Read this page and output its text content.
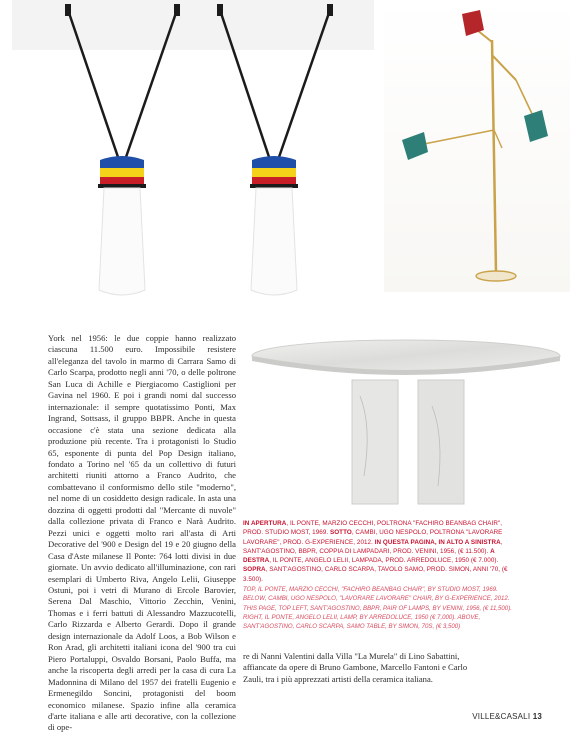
York nel 1956: le due coppie hanno realizzato ciascuna 11.500 euro. Impossibile resistere all'eleganza del tavolo in marmo di Carrara Samo di Carlo Scarpa, prodotto negli anni '70, o delle poltrone San Luca di Achille e Piergiacomo Castiglioni per Gavina nel 1960. E poi i grandi nomi dal successo internazionale: il sempre quotatissimo Ponti, Max Ingrand, Sottsass, il gruppo BBPR. Anche in questa occasione c'è stata una sezione dedicata alla produzione più recente. Tra i protagonisti lo Studio 65, esponente di punta del Pop Design italiano, fondato a Torino nel '65 da un collettivo di futuri architetti riuniti attorno a Franco Audrito, che combattevano il conformismo dello stile "moderno", nel nome di un cosiddetto design radicale. In asta una dozzina di oggetti prodotti dal "Mercante di nuvole" dalla collezione privata di Franco e Narà Audrito. Pezzi unici e oggetti molto rari all'asta di Arti Decorative del '900 e Design del 19 e 20 giugno della Casa d'Aste milanese Il Ponte: 764 lotti divisi in due giornate. Un avvio dedicato all'illuminazione, con rari esemplari di Umberto Riva, Angelo Lelii, Giuseppe Ostuni, poi i vetri di Murano di Ercole Barovier, Serena Dal Maschio, Vittorio Zecchin, Venini, Thomas e i ferri battuti di Alessandro Mazzucotelli, Carlo Rizzarda e Alberto Gerardi. Dopo il grande design internazionale da Adolf Loos, a Bob Wilson e Ron Arad, gli architetti italiani icona del '900 tra cui Piero Portaluppi, Osvaldo Borsani, Paolo Buffa, ma anche la riscoperta degli arredi per la casa di cura La Madonnina di Milano del 1957 dei fratelli Eugenio e Ermenegildo Soncini, protagonisti del boom economico milanese. Spazio infine alla ceramica d'arte italiana e alle arti decorative, con la collezione di ope-

IN APERTURA, IL PONTE, MARZIO CECCHI, POLTRONA "FACHIRO BEANBAG CHAIR", PROD. STUDIO MOST, 1969. SOTTO, CAMBI, UGO NESPOLO, POLTRONA "LAVORARE LAVORARE", PROD. G-EXPERIENCE, 2012. IN QUESTA PAGINA, IN ALTO A SINISTRA, SANT'AGOSTINO, BBPR, COPPIA DI LAMPADARI, PROD. VENINI, 1956, (€ 11.500). A DESTRA, IL PONTE, ANGELO LELII, LAMPADA, PROD. ARREDOLUCE, 1950 (€ 7.000). SOPRA, SANT'AGOSTINO, CARLO SCARPA, TAVOLO SAMO, PROD. SIMON, ANNI '70, (€ 3.500).

TOP, IL PONTE, MARZIO CECCHI, "FACHIRO BEANBAG CHAIR", BY STUDIO MOST, 1969. BELOW, CAMBI, UGO NESPOLO, "LAVORARE LAVORARE" CHAIR, BY G-EXPERIENCE, 2012. THIS PAGE, TOP LEFT, SANT'AGOSTINO, BBPR, PAIR OF LAMPS, BY VENINI, 1956, (€ 11,500). RIGHT, IL PONTE, ANGELO LELII, LAMP, BY ARREDOLUCE, 1950 (€ 7,000). ABOVE, SANT'AGOSTINO, CARLO SCARPA, SAMO TABLE, BY SIMON, 70S, (€ 3,500)

re di Nanni Valentini dalla Villa "La Murela" di Lino Sabattini, affiancate da opere di Bruno Gambone, Marcello Fantoni e Carlo Zauli, tra i più apprezzati artisti della ceramica italiana.
VILLE&CASALI 13
